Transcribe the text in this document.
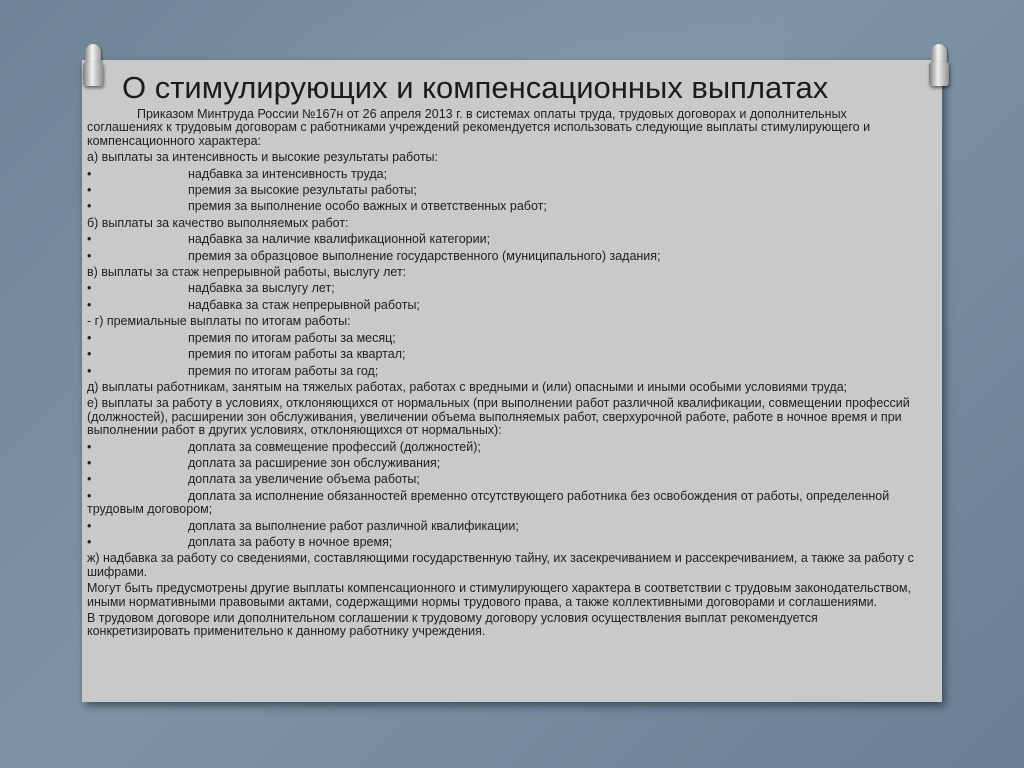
О стимулирующих и компенсационных выплатах

Приказом Минтруда России №167н от 26 апреля 2013 г. в системах оплаты труда, трудовых договорах и дополнительных соглашениях к трудовым договорам с работниками учреждений рекомендуется использовать следующие выплаты стимулирующего и компенсационного характера:

а) выплаты за интенсивность и высокие результаты работы:

•	надбавка за интенсивность труда;
•	премия за высокие результаты работы;
•	премия за выполнение особо важных и ответственных работ;

б) выплаты за качество выполняемых работ:

•	надбавка за наличие квалификационной категории;
•	премия за образцовое выполнение государственного (муниципального) задания;

в) выплаты за стаж непрерывной работы, выслугу лет:

•	надбавка за выслугу лет;
•	надбавка за стаж непрерывной работы;

- г) премиальные выплаты по итогам работы:

•	премия по итогам работы за месяц;
•	премия по итогам работы за квартал;
•	премия по итогам работы за год;

д) выплаты работникам, занятым на тяжелых работах, работах с вредными и (или) опасными и иными особыми условиями труда;

е) выплаты за работу в условиях, отклоняющихся от нормальных (при выполнении работ различной квалификации, совмещении профессий (должностей), расширении зон обслуживания, увеличении объема выполняемых работ, сверхурочной работе, работе в ночное время и при выполнении работ в других условиях, отклоняющихся от нормальных):

•	доплата за совмещение профессий (должностей);
•	доплата за расширение зон обслуживания;
•	доплата за увеличение объема работы;
•	доплата за исполнение обязанностей временно отсутствующего работника без освобождения от работы, определенной трудовым договором;
•	доплата за выполнение работ различной квалификации;
•	доплата за работу в ночное время;

ж) надбавка за работу со сведениями, составляющими государственную тайну, их засекречиванием и рассекречиванием, а также за работу с шифрами.

Могут быть предусмотрены другие выплаты компенсационного и стимулирующего характера в соответствии с трудовым законодательством, иными нормативными правовыми актами, содержащими нормы трудового права, а также коллективными договорами и соглашениями.

В трудовом договоре или дополнительном соглашении к трудовому договору условия осуществления выплат рекомендуется конкретизировать применительно к данному работнику учреждения.
